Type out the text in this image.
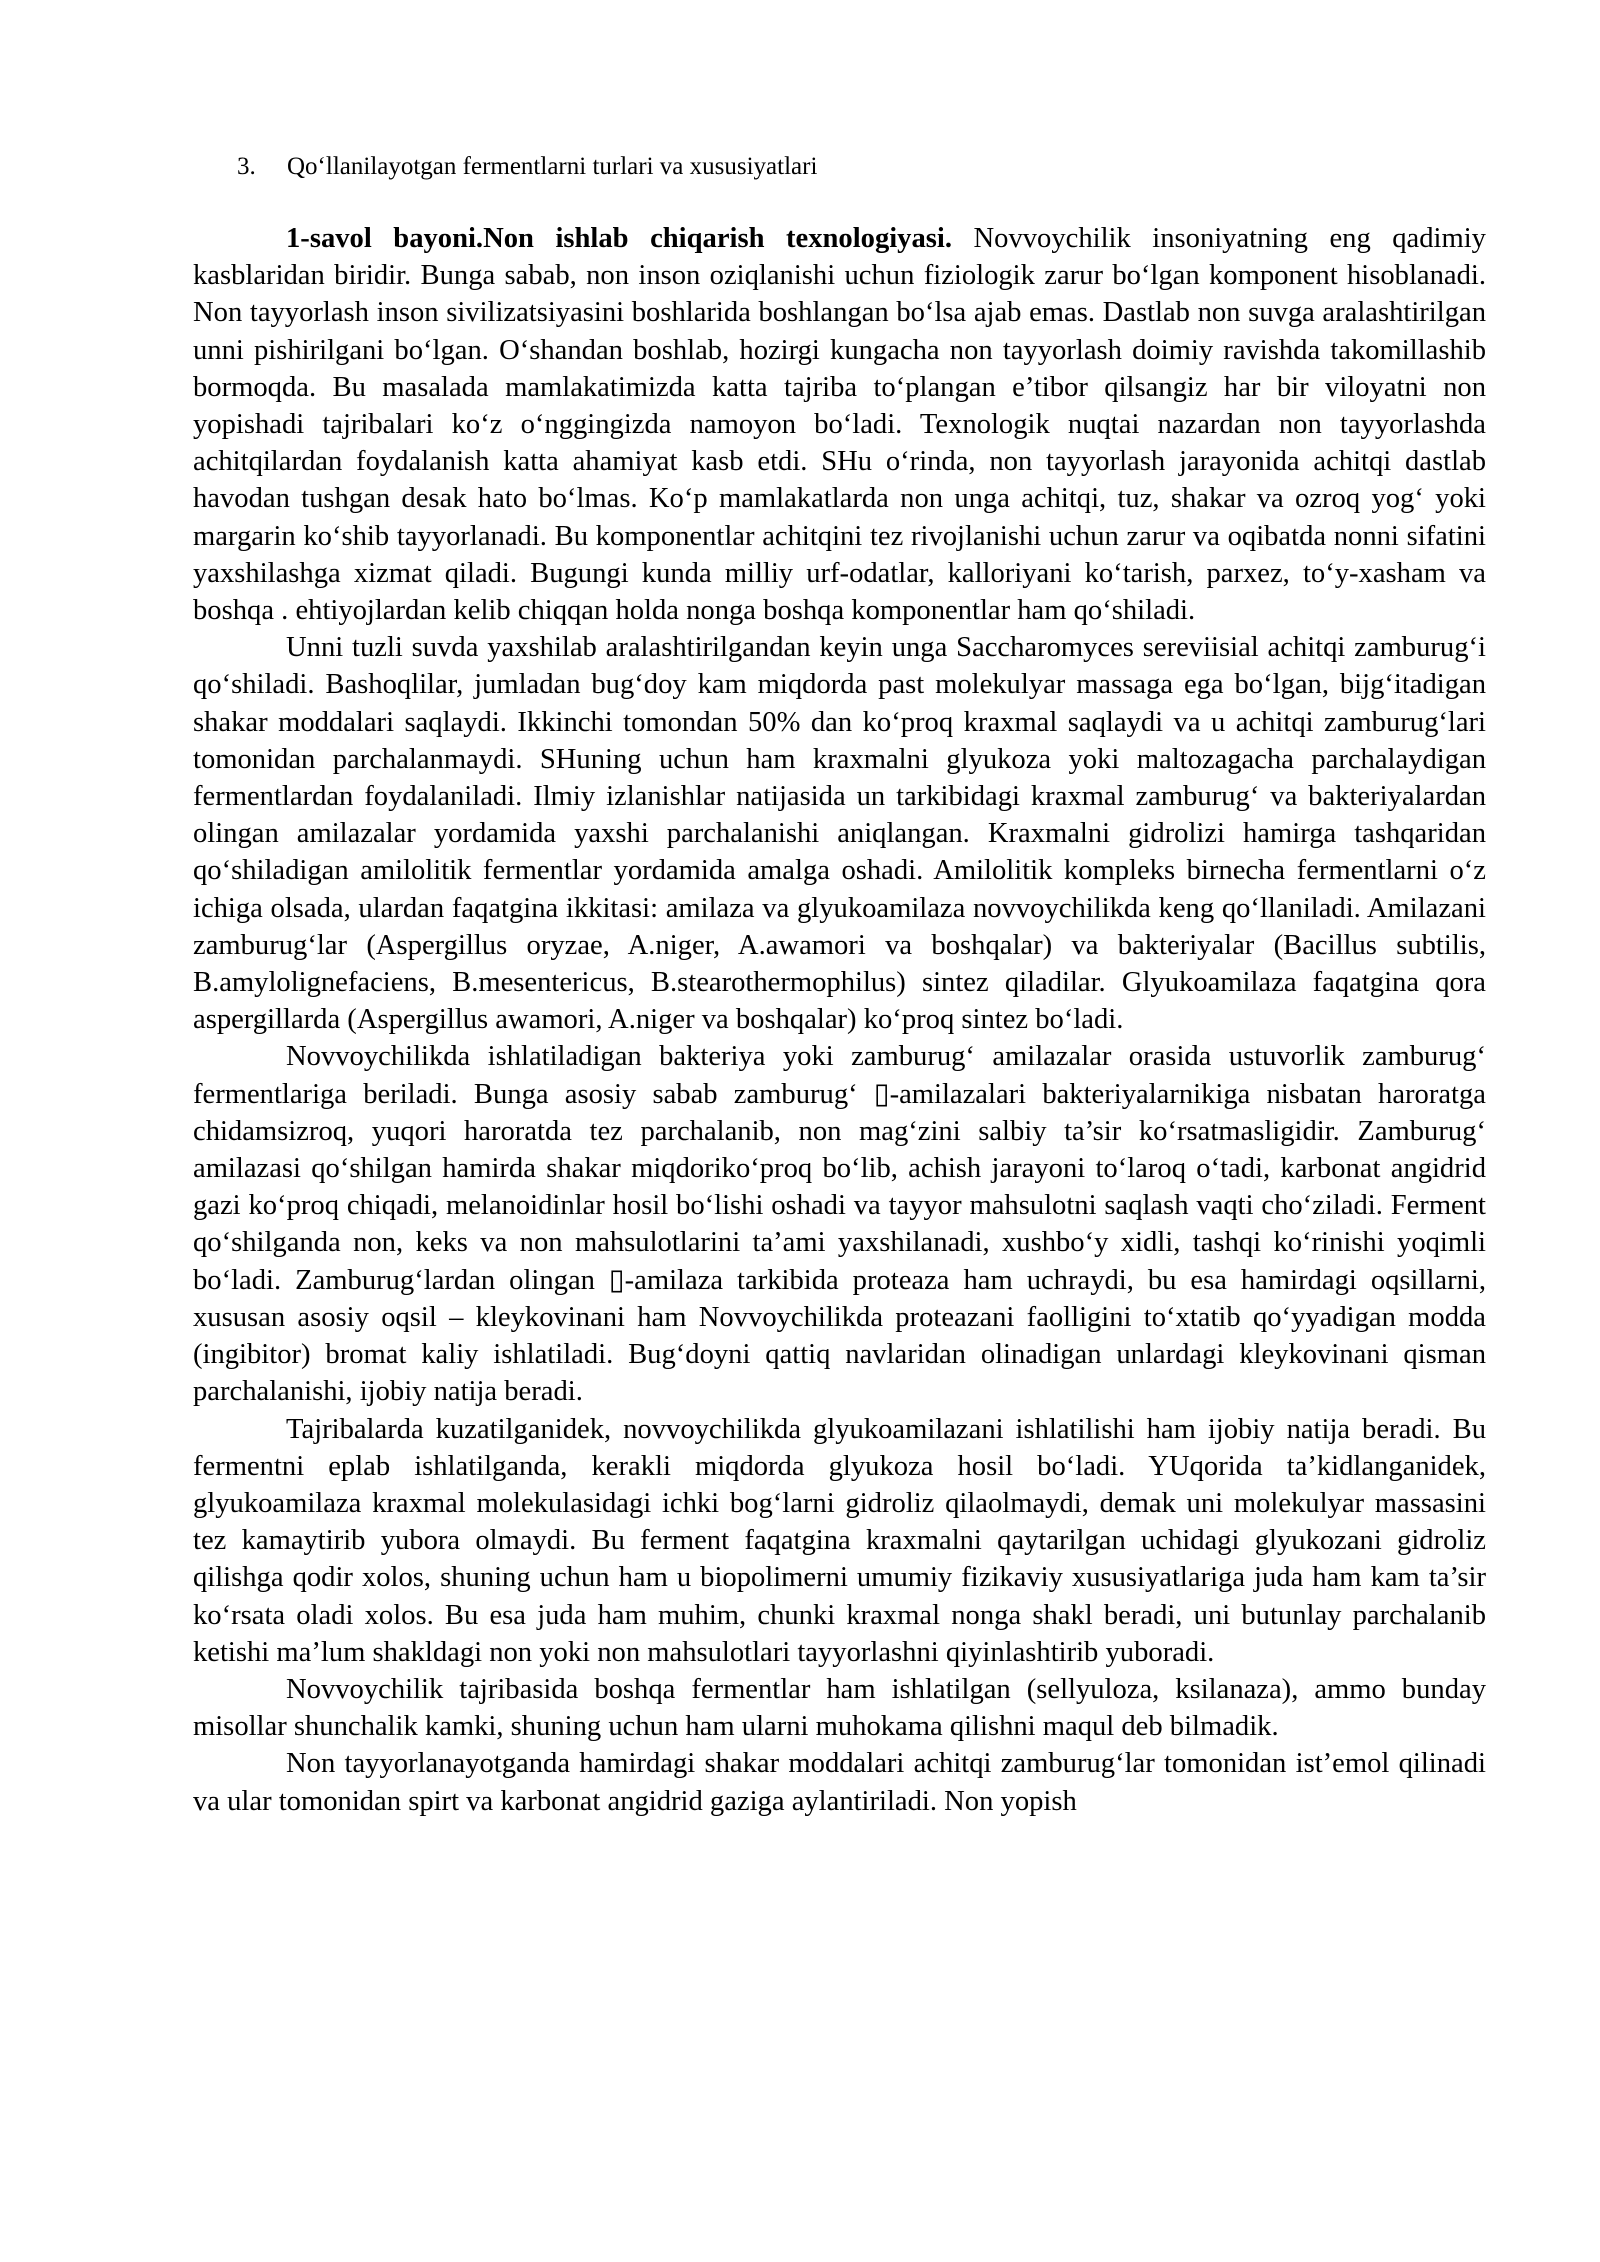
3. Qo‘llanilayotgan fermentlarni turlari va xususiyatlari

1-savol bayoni.Non ishlab chiqarish texnologiyasi. Novvoychilik insoniyatning eng qadimiy kasblaridan biridir. Bunga sabab, non inson oziqlanishi uchun fiziologik zarur bo‘lgan komponent hisoblanadi. Non tayyorlash inson sivilizatsiyasini boshlarida boshlangan bo‘lsa ajab emas. Dastlab non suvga aralashtirilgan unni pishirilgani bo‘lgan. O‘shandan boshlab, hozirgi kungacha non tayyorlash doimiy ravishda takomillashib bormoqda. Bu masalada mamlakatimizda katta tajriba to‘plangan e’tibor qilsangiz har bir viloyatni non yopishadi tajribalari ko‘z o‘nggingizda namoyon bo‘ladi. Texnologik nuqtai nazardan non tayyorlashda achitqilardan foydalanish katta ahamiyat kasb etdi. SHu o‘rinda, non tayyorlash jarayonida achitqi dastlab havodan tushgan desak hato bo‘lmas. Ko‘p mamlakatlarda non unga achitqi, tuz, shakar va ozroq yog‘ yoki margarin ko‘shib tayyorlanadi. Bu komponentlar achitqini tez rivojlanishi uchun zarur va oqibatda nonni sifatini yaxshilashga xizmat qiladi. Bugungi kunda milliy urf-odatlar, kalloriyani ko‘tarish, parxez, to‘y-xasham va boshqa . ehtiyojlardan kelib chiqqan holda nonga boshqa komponentlar ham qo‘shiladi.

Unni tuzli suvda yaxshilab aralashtirilgandan keyin unga Saccharomyces sereviisial achitqi zamburug‘i qo‘shiladi. Bashoqlilar, jumladan bug‘doy kam miqdorda past molekulyar massaga ega bo‘lgan, bijg‘itadigan shakar moddalari saqlaydi. Ikkinchi tomondan 50% dan ko‘proq kraxmal saqlaydi va u achitqi zamburug‘lari tomonidan parchalanmaydi. SHuning uchun ham kraxmalni glyukoza yoki maltozagacha parchalaydigan fermentlardan foydalaniladi. Ilmiy izlanishlar natijasida un tarkibidagi kraxmal zamburug‘ va bakteriyalardan olingan amilazalar yordamida yaxshi parchalanishi aniqlangan. Kraxmalni gidrolizi hamirga tashqaridan qo‘shiladigan amilolitik fermentlar yordamida amalga oshadi. Amilolitik kompleks birnecha fermentlarni o‘z ichiga olsada, ulardan faqatgina ikkitasi: amilaza va glyukoamilaza novvoychilikda keng qo‘llaniladi. Amilazani zamburug‘lar (Aspergillus oryzae, A.niger, A.awamori va boshqalar) va bakteriyalar (Bacillus subtilis, B.amylolignefaciens, B.mesentericus, B.stearothermophilus) sintez qiladilar. Glyukoamilaza faqatgina qora aspergillarda (Aspergillus awamori, A.niger va boshqalar) ko‘proq sintez bo‘ladi.

Novvoychilikda ishlatiladigan bakteriya yoki zamburug‘ amilazalar orasida ustuvorlik zamburug‘ fermentlariga beriladi. Bunga asosiy sabab zamburug‘ ▯-amilazalari bakteriyalarnikiga nisbatan haroratga chidamsizroq, yuqori haroratda tez parchalanib, non mag‘zini salbiy ta’sir ko‘rsatmasligidir. Zamburug‘ amilazasi qo‘shilgan hamirda shakar miqdoriko‘proq bo‘lib, achish jarayoni to‘laroq o‘tadi, karbonat angidrid gazi ko‘proq chiqadi, melanoidinlar hosil bo‘lishi oshadi va tayyor mahsulotni saqlash vaqti cho‘ziladi. Ferment qo‘shilganda non, keks va non mahsulotlarini ta’ami yaxshilanadi, xushbo‘y xidli, tashqi ko‘rinishi yoqimli bo‘ladi. Zamburug‘lardan olingan ▯-amilaza tarkibida proteaza ham uchraydi, bu esa hamirdagi oqsillarni, xususan asosiy oqsil – kleykovinani ham Novvoychilikda proteazani faolligini to‘xtatib qo‘yyadigan modda (ingibitor) bromat kaliy ishlatiladi. Bug‘doyni qattiq navlaridan olinadigan unlardagi kleykovinani qisman parchalanishi, ijobiy natija beradi.

Tajribalarda kuzatilganidek, novvoychilikda glyukoamilazani ishlatilishi ham ijobiy natija beradi. Bu fermentni eplab ishlatilganda, kerakli miqdorda glyukoza hosil bo‘ladi. YUqorida ta’kidlanganidek, glyukoamilaza kraxmal molekulasidagi ichki bog‘larni gidroliz qilaolmaydi, demak uni molekulyar massasini tez kamaytirib yubora olmaydi. Bu ferment faqatgina kraxmalni qaytarilgan uchidagi glyukozani gidroliz qilishga qodir xolos, shuning uchun ham u biopolimerni umumiy fizikaviy xususiyatlariga juda ham kam ta’sir ko‘rsata oladi xolos. Bu esa juda ham muhim, chunki kraxmal nonga shakl beradi, uni butunlay parchalanib ketishi ma’lum shakldagi non yoki non mahsulotlari tayyorlashni qiyinlashtirib yuboradi.

Novvoychilik tajribasida boshqa fermentlar ham ishlatilgan (sellyuloza, ksilanaza), ammo bunday misollar shunchalik kamki, shuning uchun ham ularni muhokama qilishni maqul deb bilmadik.

Non tayyorlanayotganda hamirdagi shakar moddalari achitqi zamburug‘lar tomonidan ist’emol qilinadi va ular tomonidan spirt va karbonat angidrid gaziga aylantiriladi. Non yopish
